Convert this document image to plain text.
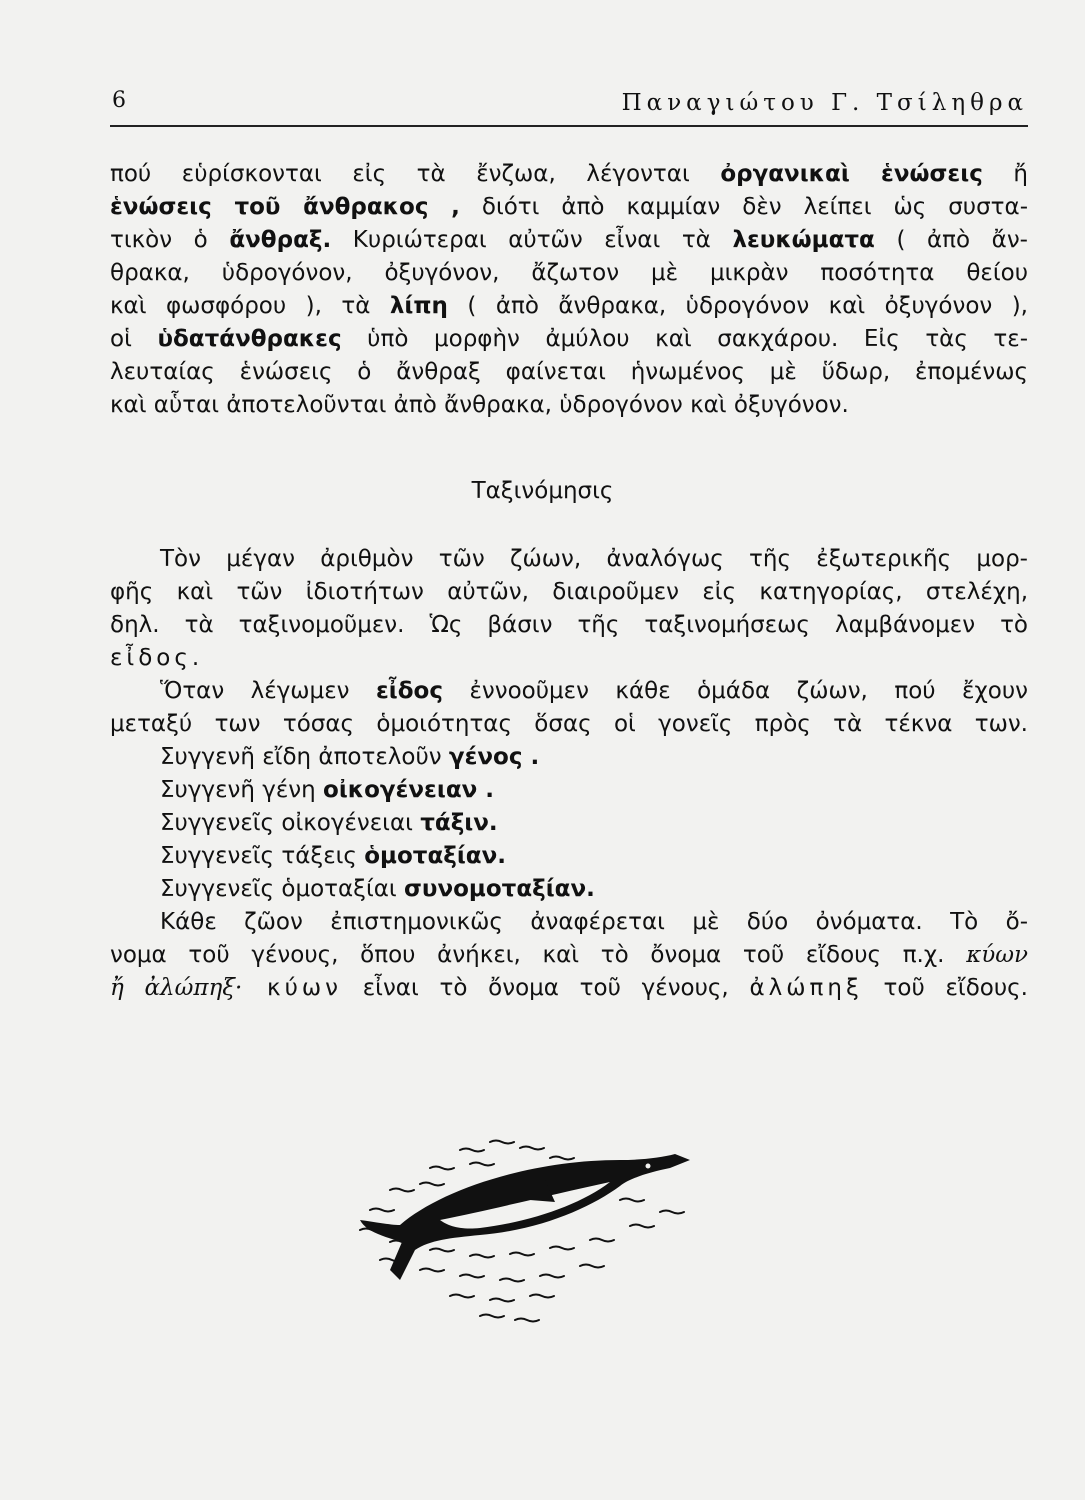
6	Παναγιώτου Γ. Τσίληθρα
πού εὑρίσκονται εἰς τὰ ἔνζωα, λέγονται ὀργανικαὶ ἑνώσεις ἤ
ἑνώσεις τοῦ ἄνθρακος , διότι ἀπὸ καμμίαν δὲν λείπει ὡς συστα-
τικὸν ὁ ἄνθραξ. Κυριώτεραι αὐτῶν εἶναι τὰ λευκώματα ( ἀπὸ ἄν-
θρακα, ὑδρογόνον, ὀξυγόνον, ἄζωτον μὲ μικρὰν ποσότητα θείου
καὶ φωσφόρου ), τὰ λίπη ( ἀπὸ ἄνθρακα, ὑδρογόνον καὶ ὀξυγόνον ),
οἱ ὑδατάνθρακες ὑπὸ μορφὴν ἀμύλου καὶ σακχάρου. Εἰς τὰς τε-
λευταίας ἑνώσεις ὁ ἄνθραξ φαίνεται ἡνωμένος μὲ ὕδωρ, ἐπομένως
καὶ αὗται ἀποτελοῦνται ἀπὸ ἄνθρακα, ὑδρογόνον καὶ ὀξυγόνον.
Ταξινόμησις
Τὸν μέγαν ἀριθμὸν τῶν ζώων, ἀναλόγως τῆς ἐξωτερικῆς μορ-
φῆς καὶ τῶν ἰδιοτήτων αὐτῶν, διαιροῦμεν εἰς κατηγορίας, στελέχη,
δηλ. τὰ ταξινομοῦμεν. Ὡς βάσιν τῆς ταξινομήσεως λαμβάνομεν τὸ
εἶδος.
Ὅταν λέγωμεν εἶδος ἐννοοῦμεν κάθε ὁμάδα ζώων, πού ἔχουν
μεταξύ των τόσας ὁμοιότητας ὅσας οἱ γονεῖς πρὸς τὰ τέκνα των.
Συγγενῆ εἴδη ἀποτελοῦν γένος .
Συγγενῆ γένη οἰκογένειαν .
Συγγενεῖς οἰκογένειαι τάξιν.
Συγγενεῖς τάξεις ὁμοταξίαν.
Συγγενεῖς ὁμοταξίαι συνομοταξίαν.
Κάθε ζῶον ἐπιστημονικῶς ἀναφέρεται μὲ δύο ὀνόματα. Τὸ ὄ-
νομα τοῦ γένους, ὅπου ἀνήκει, καὶ τὸ ὄνομα τοῦ εἴδους π.χ. κύων
ἤ ἀλώπηξ· κύων εἶναι τὸ ὄνομα τοῦ γένους, ἀλώπηξ τοῦ εἴδους.
